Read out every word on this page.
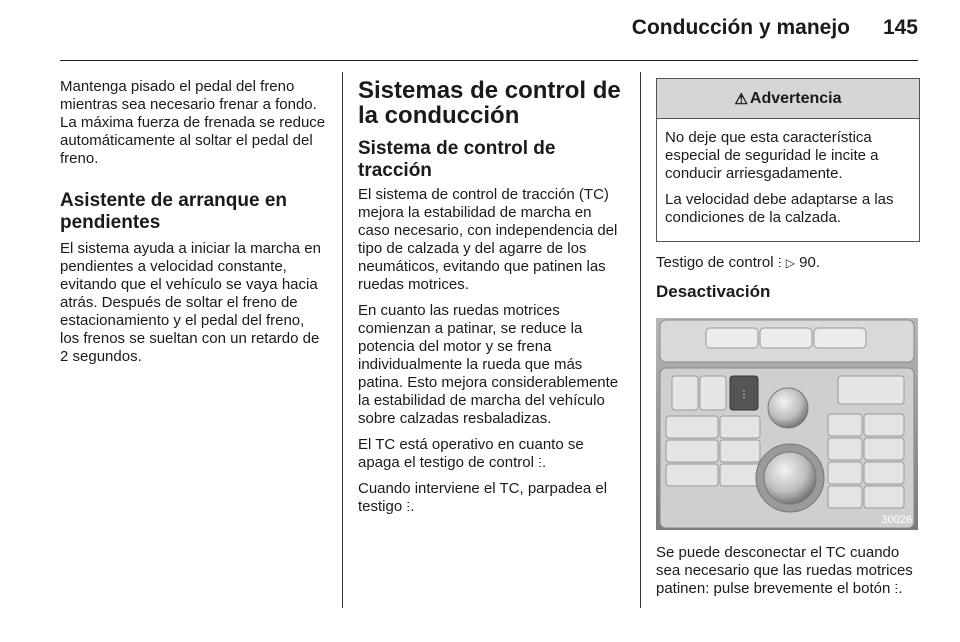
Conducción y manejo 145

Mantenga pisado el pedal del freno mientras sea necesario frenar a fondo. La máxima fuerza de frenada se reduce automáticamente al soltar el pedal del freno.

Asistente de arranque en pendientes

El sistema ayuda a iniciar la marcha en pendientes a velocidad constante, evitando que el vehículo se vaya hacia atrás. Después de soltar el freno de estacionamiento y el pedal del freno, los frenos se sueltan con un retardo de 2 segundos.

Sistemas de control de la conducción
Sistema de control de tracción

El sistema de control de tracción (TC) mejora la estabilidad de marcha en caso necesario, con independencia del tipo de calzada y del agarre de los neumáticos, evitando que patinen las ruedas motrices.

En cuanto las ruedas motrices comienzan a patinar, se reduce la potencia del motor y se frena individualmente la rueda que más patina. Esto mejora considerablemente la estabilidad de marcha del vehículo sobre calzadas resbaladizas.

El TC está operativo en cuanto se apaga el testigo de control ⵗ.

Cuando interviene el TC, parpadea el testigo ⵗ.

⚠ Advertencia

No deje que esta característica especial de seguridad le incite a conducir arriesgadamente.

La velocidad debe adaptarse a las condiciones de la calzada.

Testigo de control ⵗ ▷ 90.

Desactivación
ⵗ
30026

Se puede desconectar el TC cuando sea necesario que las ruedas motrices patinen: pulse brevemente el botón ⵗ.
